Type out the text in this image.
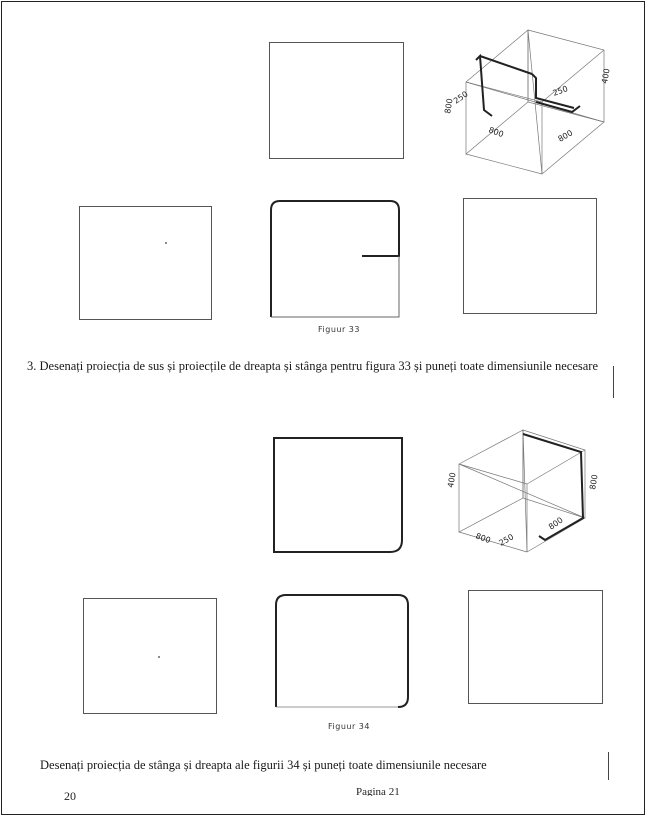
800
250	250
400
800	800
Figuur 33
3. Desenați proiecția de sus și proiecțile de dreapta și stânga pentru figura 33 și puneți toate dimensiunile necesare
400	800
800 250
800
Figuur 34
Desenați proiecția de stânga și dreapta ale figurii 34 și puneți toate dimensiunile necesare
20	Pagina 21
